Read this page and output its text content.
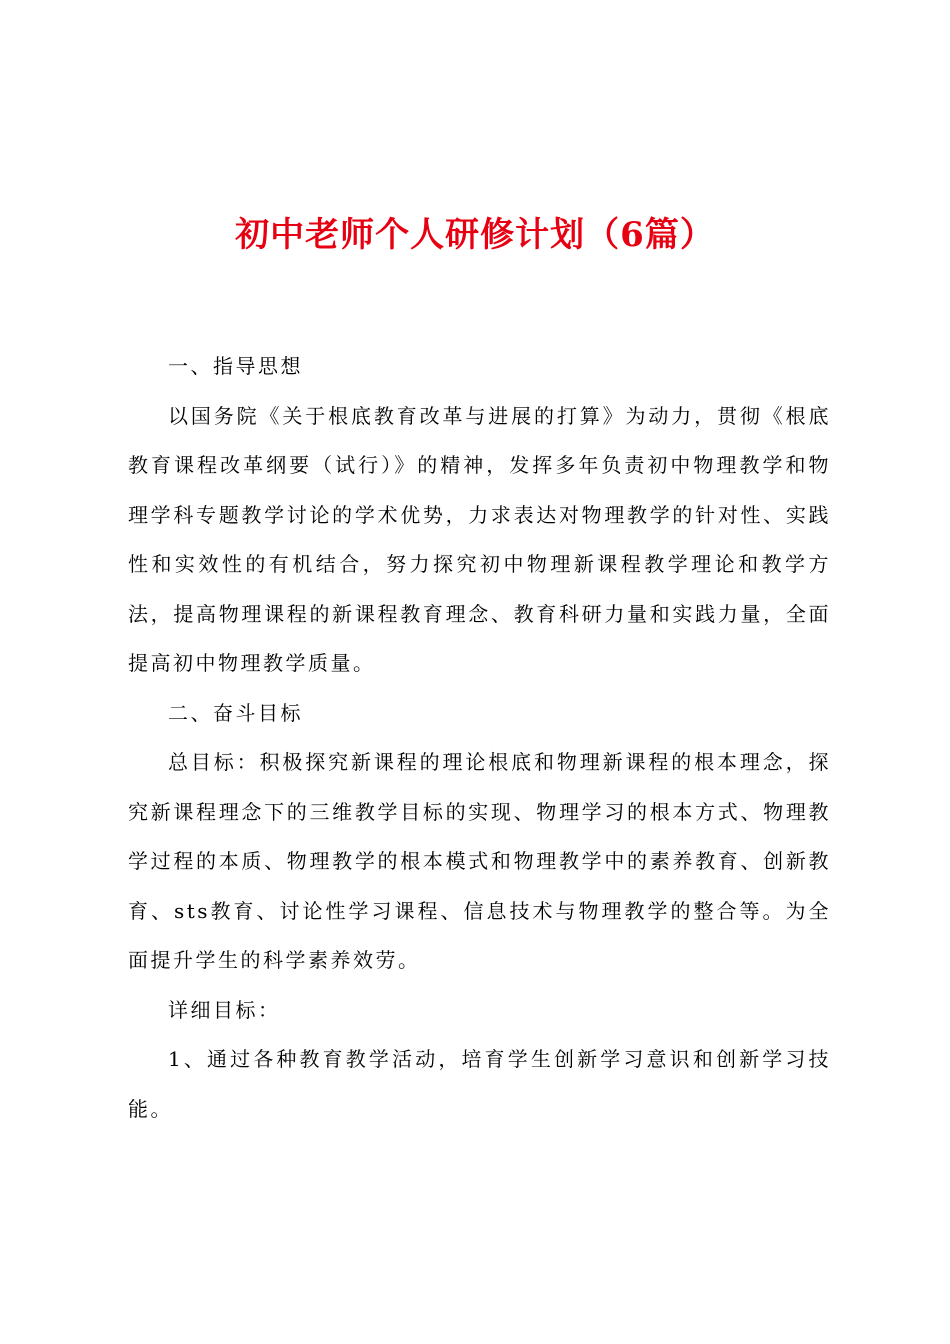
初中老师个人研修计划（6篇）

一、指导思想

以国务院《关于根底教育改革与进展的打算》为动力，贯彻《根底教育课程改革纲要（试行）》的精神，发挥多年负责初中物理教学和物理学科专题教学讨论的学术优势，力求表达对物理教学的针对性、实践性和实效性的有机结合，努力探究初中物理新课程教学理论和教学方法，提高物理课程的新课程教育理念、教育科研力量和实践力量，全面提高初中物理教学质量。

二、奋斗目标

总目标：积极探究新课程的理论根底和物理新课程的根本理念，探究新课程理念下的三维教学目标的实现、物理学习的根本方式、物理教学过程的本质、物理教学的根本模式和物理教学中的素养教育、创新教育、sts教育、讨论性学习课程、信息技术与物理教学的整合等。为全面提升学生的科学素养效劳。

详细目标：

1、通过各种教育教学活动，培育学生创新学习意识和创新学习技能。
